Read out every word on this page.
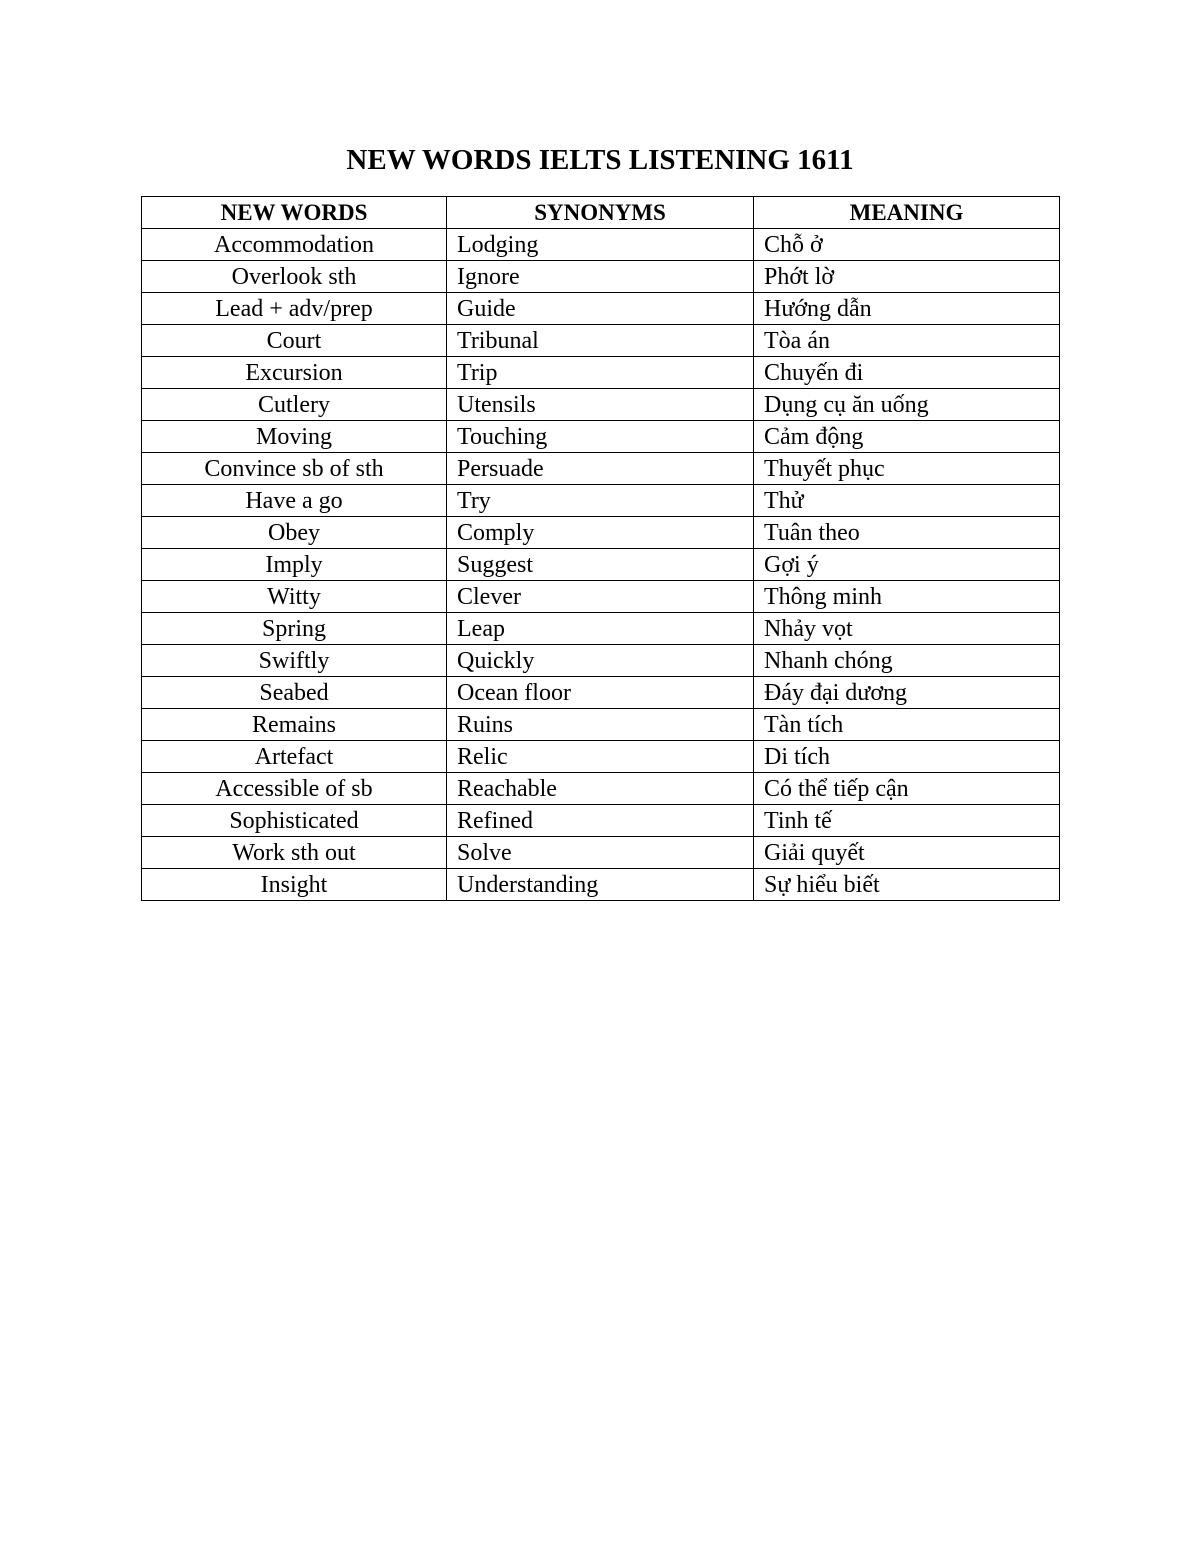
NEW WORDS IELTS LISTENING 1611
NEW WORDS	SYNONYMS	MEANING
Accommodation	Lodging	Chỗ ở
Overlook sth	Ignore	Phớt lờ
Lead + adv/prep	Guide	Hướng dẫn
Court	Tribunal	Tòa án
Excursion	Trip	Chuyến đi
Cutlery	Utensils	Dụng cụ ăn uống
Moving	Touching	Cảm động
Convince sb of sth	Persuade	Thuyết phục
Have a go	Try	Thử
Obey	Comply	Tuân theo
Imply	Suggest	Gợi ý
Witty	Clever	Thông minh
Spring	Leap	Nhảy vọt
Swiftly	Quickly	Nhanh chóng
Seabed	Ocean floor	Đáy đại dương
Remains	Ruins	Tàn tích
Artefact	Relic	Di tích
Accessible of sb	Reachable	Có thể tiếp cận
Sophisticated	Refined	Tinh tế
Work sth out	Solve	Giải quyết
Insight	Understanding	Sự hiểu biết
